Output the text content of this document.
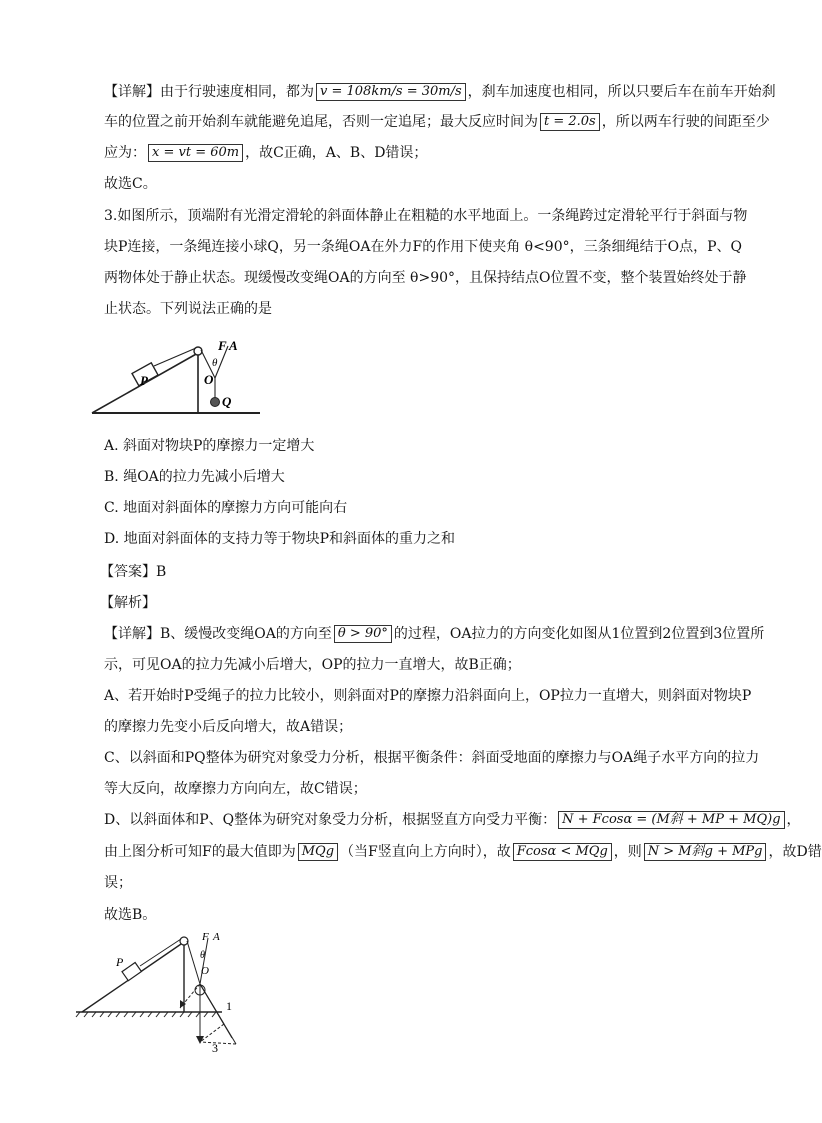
【详解】由于行驶速度相同，都为 v = 108km/s = 30m/s ，刹车加速度也相同，所以只要后车在前车开始刹
车的位置之前开始刹车就能避免追尾，否则一定追尾；最大反应时间为 t = 2.0s ，所以两车行驶的间距至少
应为： x = vt = 60m ，故C正确，A、B、D错误；
故选C。
3.如图所示，顶端附有光滑定滑轮的斜面体静止在粗糙的水平地面上。一条绳跨过定滑轮平行于斜面与物
块P连接，一条绳连接小球Q，另一条绳OA在外力F的作用下使夹角 θ<90°，三条细绳结于O点，P、Q
两物体处于静止状态。现缓慢改变绳OA的方向至 θ>90°，且保持结点O位置不变，整个装置始终处于静
止状态。下列说法正确的是
P
F A
θ
O
Q
A. 斜面对物块P的摩擦力一定增大
B. 绳OA的拉力先减小后增大
C. 地面对斜面体的摩擦力方向可能向右
D. 地面对斜面体的支持力等于物块P和斜面体的重力之和
【答案】B
【解析】
【详解】B、缓慢改变绳OA的方向至 θ > 90° 的过程，OA拉力的方向变化如图从1位置到2位置到3位置所
示，可见OA的拉力先减小后增大，OP的拉力一直增大，故B正确；
A、若开始时P受绳子的拉力比较小，则斜面对P的摩擦力沿斜面向上，OP拉力一直增大，则斜面对物块P
的摩擦力先变小后反向增大，故A错误；
C、以斜面和PQ整体为研究对象受力分析，根据平衡条件：斜面受地面的摩擦力与OA绳子水平方向的拉力
等大反向，故摩擦力方向向左，故C错误；
D、以斜面体和P、Q整体为研究对象受力分析，根据竖直方向受力平衡： N + Fcosα = (M斜 + MP + MQ)g ，
由上图分析可知F的最大值即为 MQg （当F竖直向上方向时），故 Fcosα < MQg ，则 N > M斜g + MPg ，故D错
误；
故选B。
P
F A
θ
O
1
3
